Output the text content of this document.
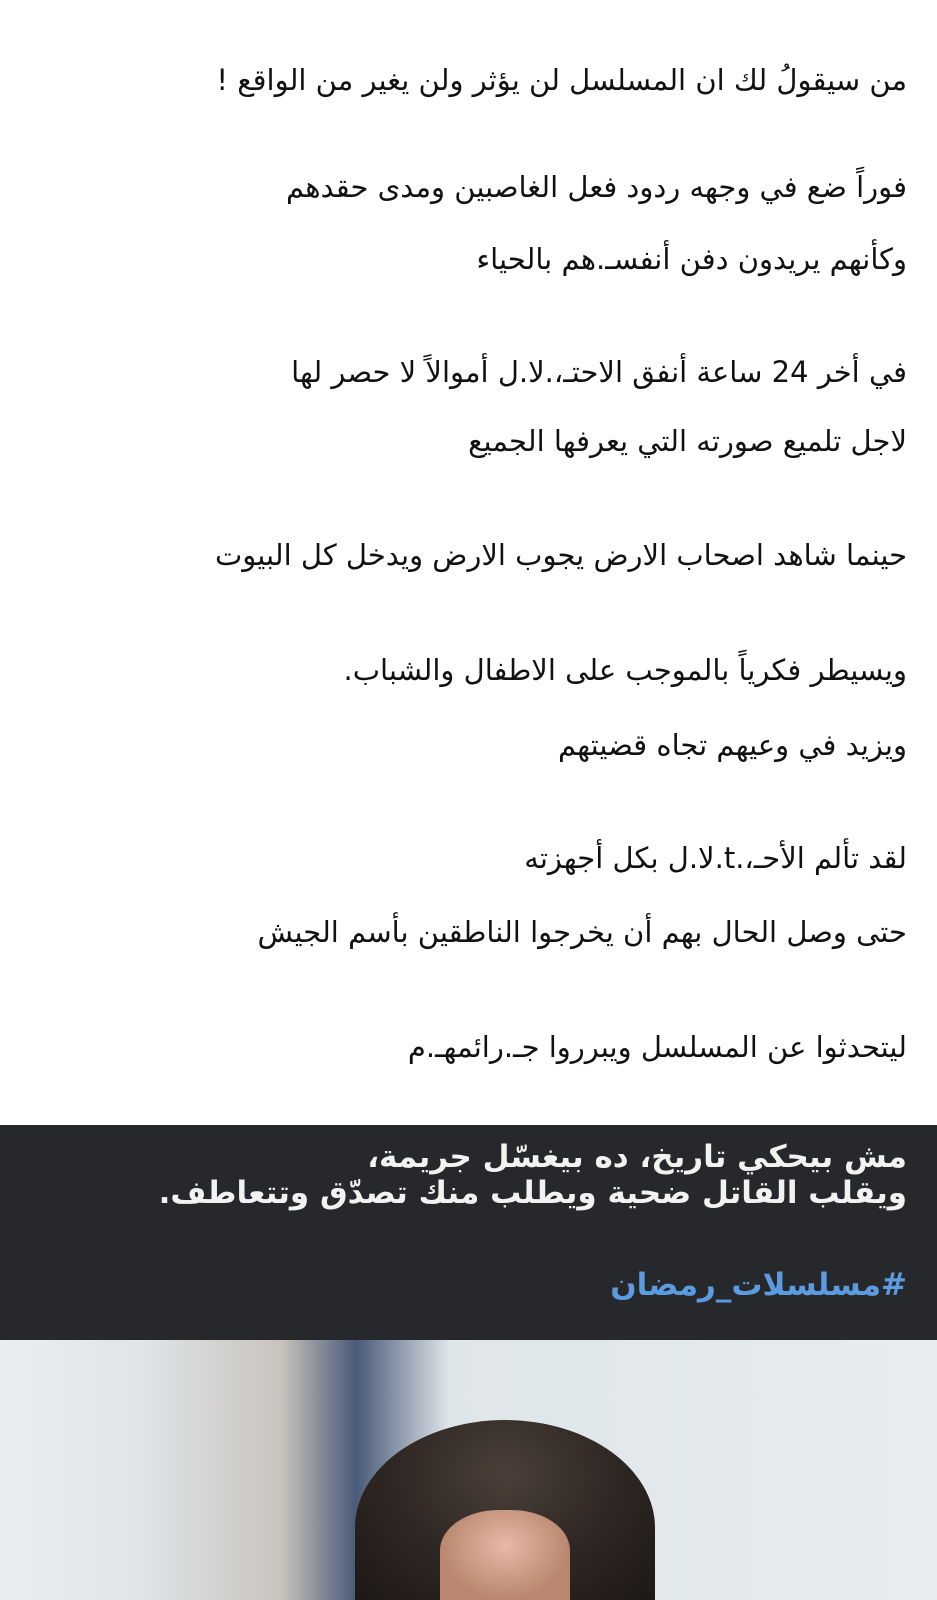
من سيقولُ لك ان المسلسل لن يؤثر ولن يغير من الواقع !
فوراً ضع في وجهه ردود فعل الغاصبين ومدى حقدهم
وكأنهم يريدون دفن أنفسـ.هم بالحياء
في أخر 24 ساعة أنفق الاحتـ،.لا.ل أموالاً لا حصر لها
لاجل تلميع صورته التي يعرفها الجميع
حينما شاهد اصحاب الارض يجوب الارض ويدخل كل البيوت
ويسيطر فكرياً بالموجب على الاطفال والشباب.
ويزيد في وعيهم تجاه قضيتهم
لقد تألم الأحـ،.t.لا.ل بكل أجهزته
حتى وصل الحال بهم أن يخرجوا الناطقين بأسم الجيش
ليتحدثوا عن المسلسل ويبرروا جـ.رائمهـ.م
مش بيحكي تاريخ، ده بيغسّل جريمة،
ويقلب القاتل ضحية ويطلب منك تصدّق وتتعاطف.
#مسلسلات_رمضان
